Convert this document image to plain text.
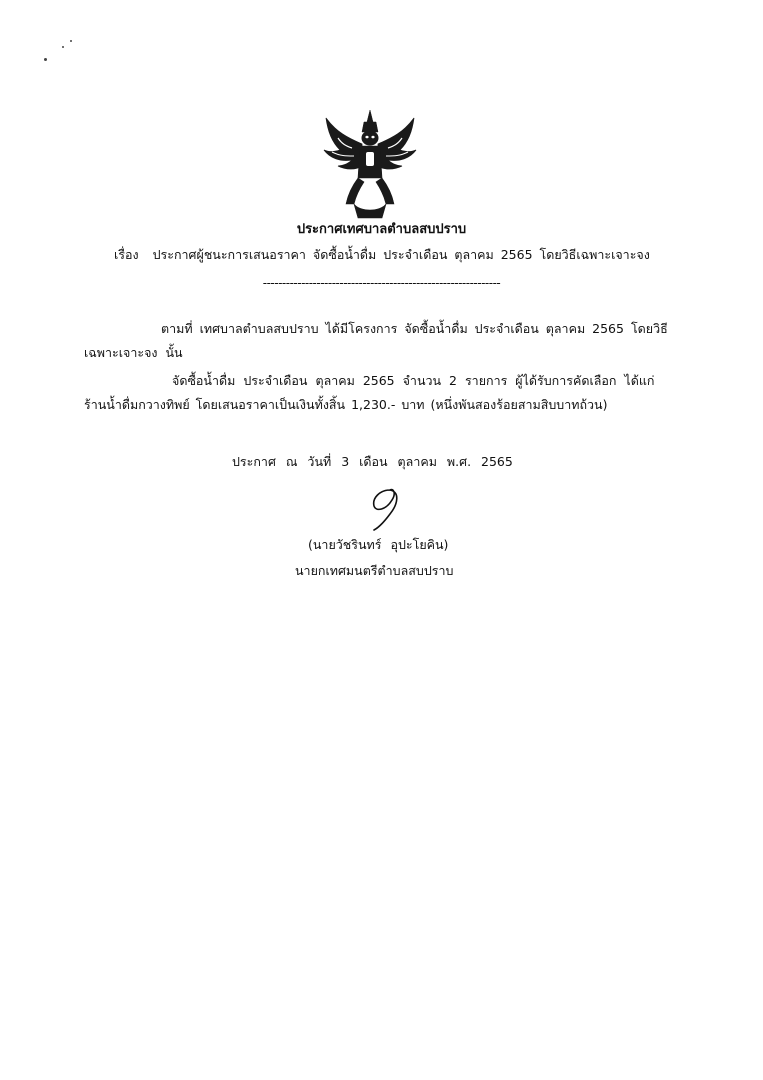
ประกาศเทศบาลตำบลสบปราบ
เรื่อง ประกาศผู้ชนะการเสนอราคา จัดซื้อน้ำดื่ม ประจำเดือน ตุลาคม 2565 โดยวิธีเฉพาะเจาะจง
--------------------------------------------------------------
ตามที่ เทศบาลตำบลสบปราบ ได้มีโครงการ จัดซื้อน้ำดื่ม ประจำเดือน ตุลาคม 2565 โดยวิธี
เฉพาะเจาะจง นั้น
จัดซื้อน้ำดื่ม ประจำเดือน ตุลาคม 2565 จำนวน 2 รายการ ผู้ได้รับการคัดเลือก ได้แก่
ร้านน้ำดื่มกวางทิพย์ โดยเสนอราคาเป็นเงินทั้งสิ้น 1,230.- บาท (หนึ่งพันสองร้อยสามสิบบาทถ้วน)
ประกาศ ณ วันที่ 3 เดือน ตุลาคม พ.ศ. 2565
(นายวัชรินทร์ อุปะโยคิน)
นายกเทศมนตรีตำบลสบปราบ
